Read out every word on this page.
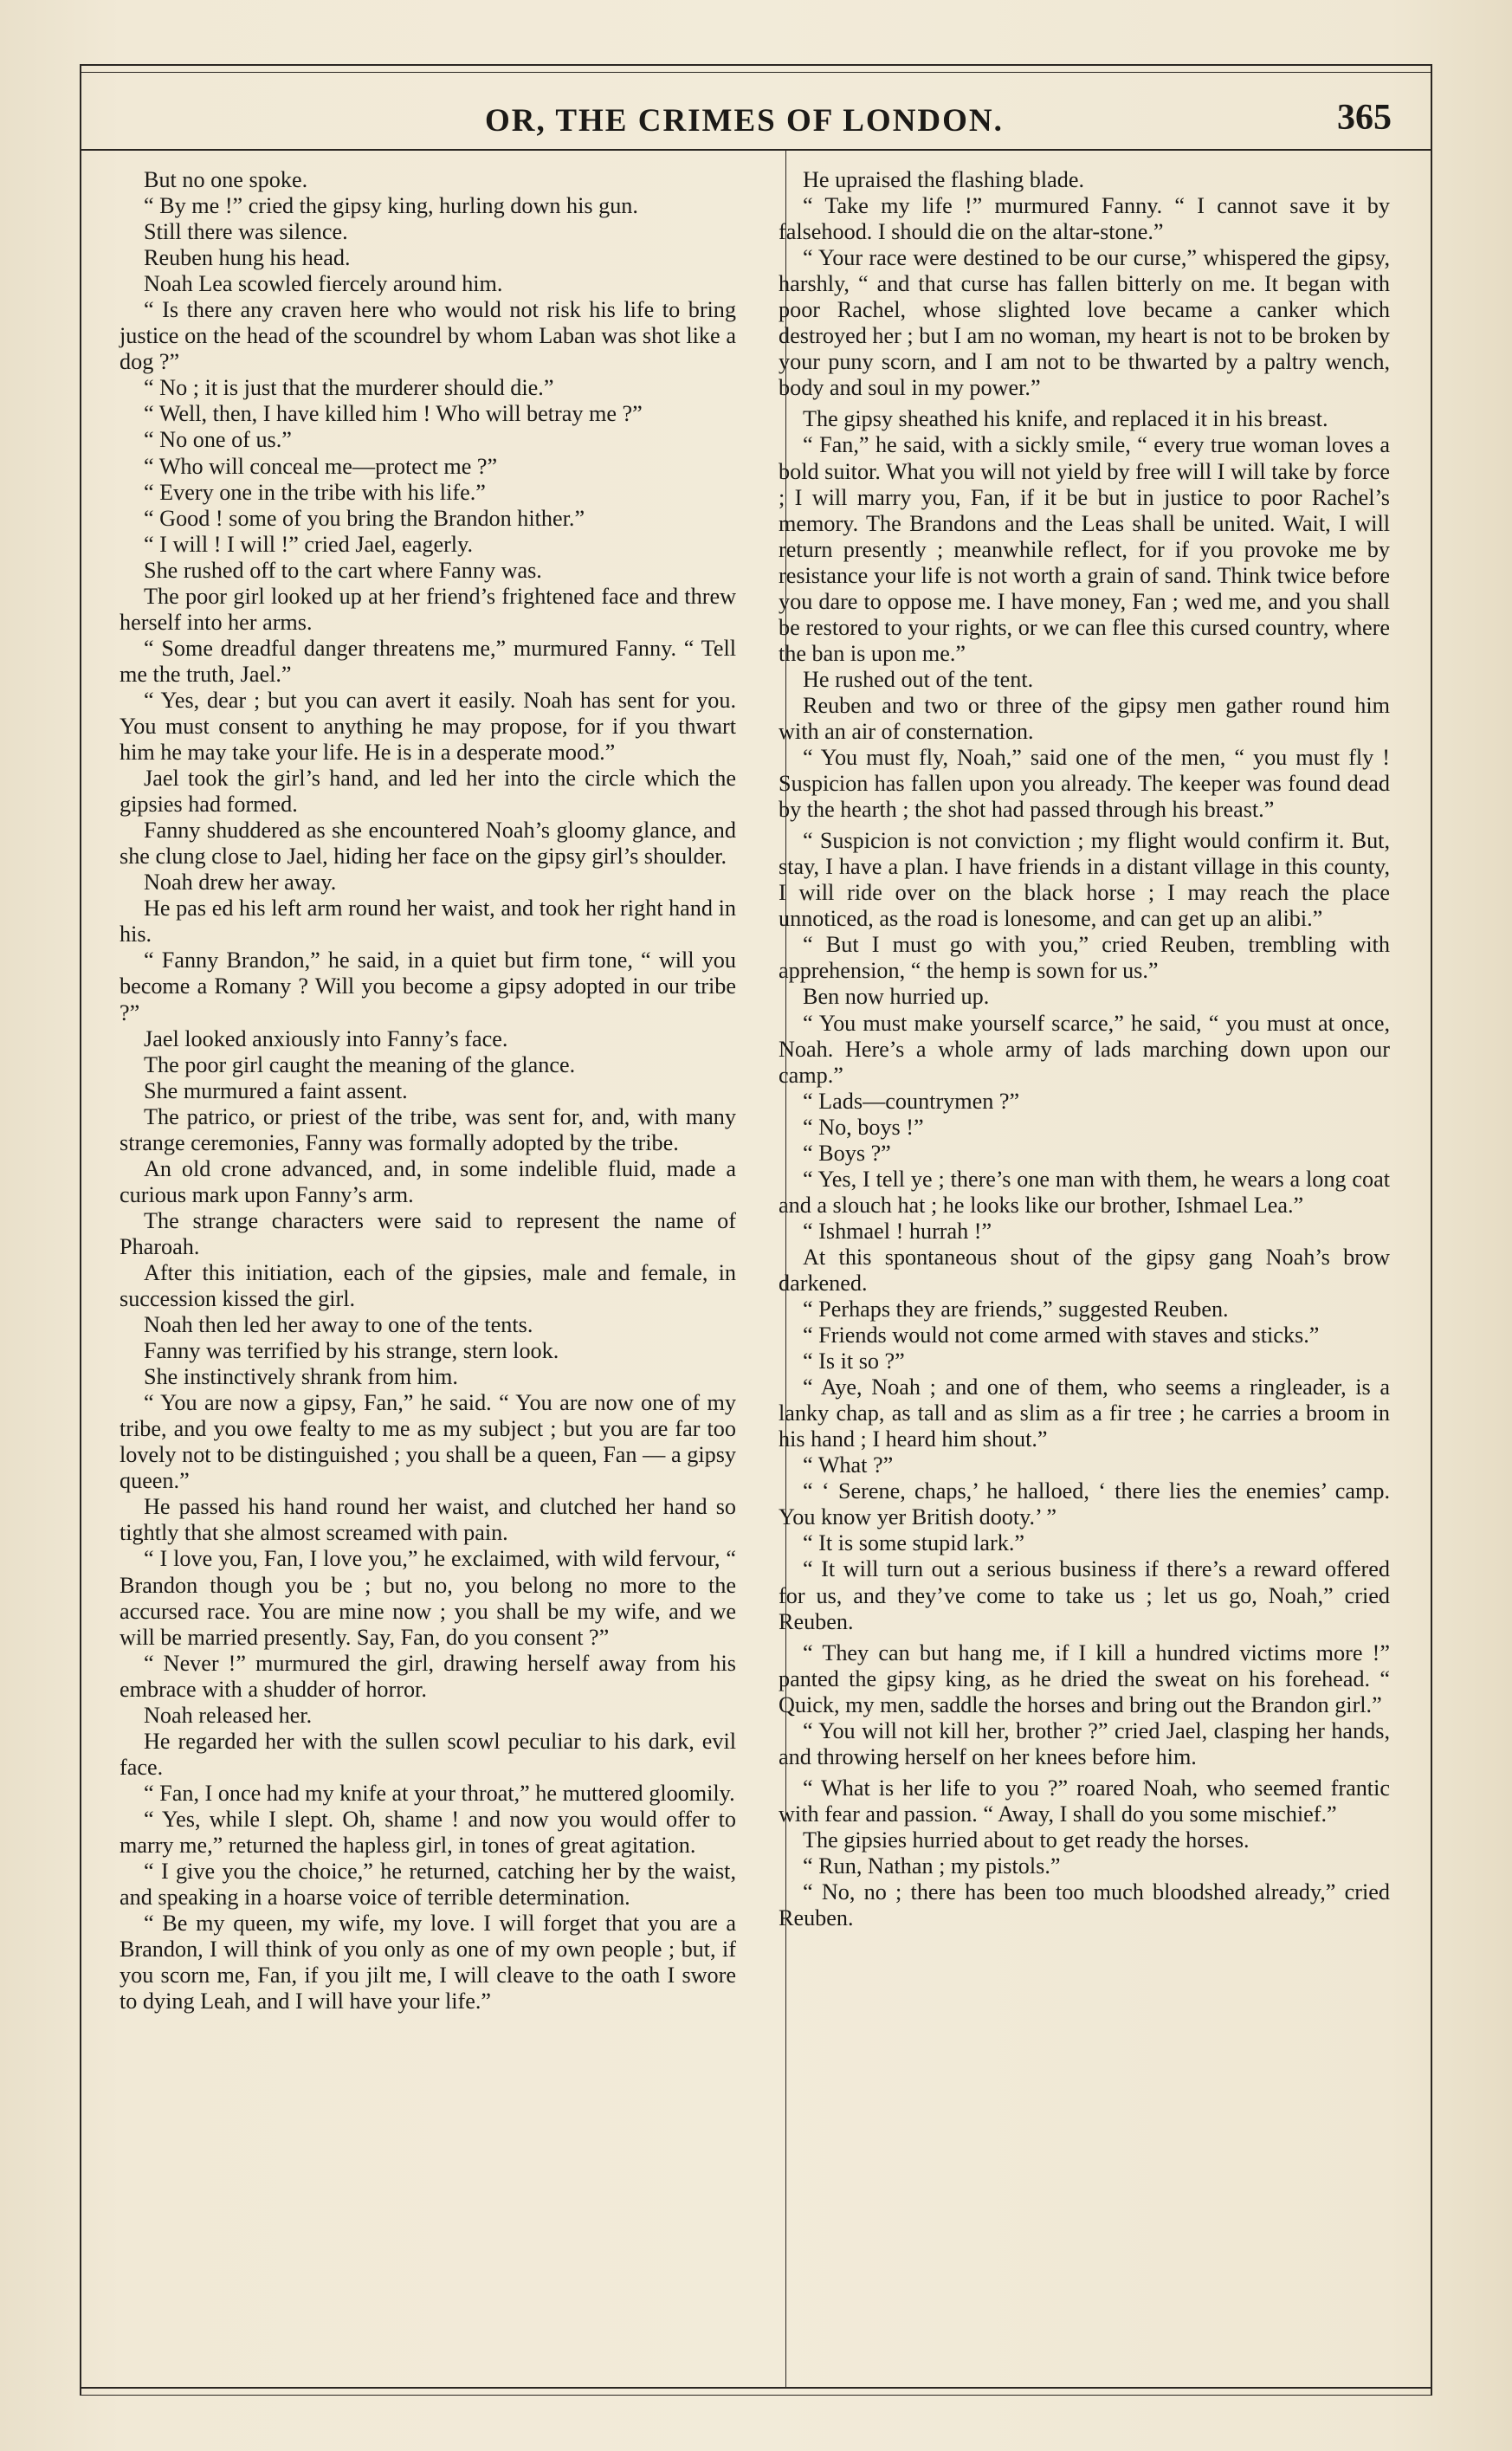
OR, THE CRIMES OF LONDON.	365

But no one spoke.

“ By me !” cried the gipsy king, hurling down his gun.

Still there was silence.

Reuben hung his head.

Noah Lea scowled fiercely around him.

“ Is there any craven here who would not risk his life to bring justice on the head of the scoundrel by whom Laban was shot like a dog ?”

“ No ; it is just that the murderer should die.”

“ Well, then, I have killed him ! Who will betray me ?”

“ No one of us.”

“ Who will conceal me—protect me ?”

“ Every one in the tribe with his life.”

“ Good ! some of you bring the Brandon hither.”

“ I will ! I will !” cried Jael, eagerly.

She rushed off to the cart where Fanny was.

The poor girl looked up at her friend’s frightened face and threw herself into her arms.

“ Some dreadful danger threatens me,” murmured Fanny. “ Tell me the truth, Jael.”

“ Yes, dear ; but you can avert it easily. Noah has sent for you. You must consent to anything he may propose, for if you thwart him he may take your life. He is in a desperate mood.”

Jael took the girl’s hand, and led her into the circle which the gipsies had formed.

Fanny shuddered as she encountered Noah’s gloomy glance, and she clung close to Jael, hiding her face on the gipsy girl’s shoulder.

Noah drew her away.

He pas ed his left arm round her waist, and took her right hand in his.

“ Fanny Brandon,” he said, in a quiet but firm tone, “ will you become a Romany ? Will you become a gipsy adopted in our tribe ?”

Jael looked anxiously into Fanny’s face.

The poor girl caught the meaning of the glance.

She murmured a faint assent.

The patrico, or priest of the tribe, was sent for, and, with many strange ceremonies, Fanny was formally adopted by the tribe.

An old crone advanced, and, in some indelible fluid, made a curious mark upon Fanny’s arm.

The strange characters were said to represent the name of Pharoah.

After this initiation, each of the gipsies, male and female, in succession kissed the girl.

Noah then led her away to one of the tents.

Fanny was terrified by his strange, stern look.

She instinctively shrank from him.

“ You are now a gipsy, Fan,” he said. “ You are now one of my tribe, and you owe fealty to me as my subject ; but you are far too lovely not to be distinguished ; you shall be a queen, Fan — a gipsy queen.”

He passed his hand round her waist, and clutched her hand so tightly that she almost screamed with pain.

“ I love you, Fan, I love you,” he exclaimed, with wild fervour, “ Brandon though you be ; but no, you belong no more to the accursed race. You are mine now ; you shall be my wife, and we will be married presently. Say, Fan, do you consent ?”

“ Never !” murmured the girl, drawing herself away from his embrace with a shudder of horror.

Noah released her.

He regarded her with the sullen scowl peculiar to his dark, evil face.

“ Fan, I once had my knife at your throat,” he muttered gloomily.

“ Yes, while I slept. Oh, shame ! and now you would offer to marry me,” returned the hapless girl, in tones of great agitation.

“ I give you the choice,” he returned, catching her by the waist, and speaking in a hoarse voice of terrible determination.

“ Be my queen, my wife, my love. I will forget that you are a Brandon, I will think of you only as one of my own people ; but, if you scorn me, Fan, if you jilt me, I will cleave to the oath I swore to dying Leah, and I will have your life.”

He upraised the flashing blade.

“ Take my life !” murmured Fanny. “ I cannot save it by falsehood. I should die on the altar-stone.”

“ Your race were destined to be our curse,” whispered the gipsy, harshly, “ and that curse has fallen bitterly on me. It began with poor Rachel, whose slighted love became a canker which destroyed her ; but I am no woman, my heart is not to be broken by your puny scorn, and I am not to be thwarted by a paltry wench, body and soul in my power.”

The gipsy sheathed his knife, and replaced it in his breast.

“ Fan,” he said, with a sickly smile, “ every true woman loves a bold suitor. What you will not yield by free will I will take by force ; I will marry you, Fan, if it be but in justice to poor Rachel’s memory. The Brandons and the Leas shall be united. Wait, I will return presently ; meanwhile reflect, for if you provoke me by resistance your life is not worth a grain of sand. Think twice before you dare to oppose me. I have money, Fan ; wed me, and you shall be restored to your rights, or we can flee this cursed country, where the ban is upon me.”

He rushed out of the tent.

Reuben and two or three of the gipsy men gather round him with an air of consternation.

“ You must fly, Noah,” said one of the men, “ you must fly ! Suspicion has fallen upon you already. The keeper was found dead by the hearth ; the shot had passed through his breast.”

“ Suspicion is not conviction ; my flight would confirm it. But, stay, I have a plan. I have friends in a distant village in this county, I will ride over on the black horse ; I may reach the place unnoticed, as the road is lonesome, and can get up an alibi.”

“ But I must go with you,” cried Reuben, trembling with apprehension, “ the hemp is sown for us.”

Ben now hurried up.

“ You must make yourself scarce,” he said, “ you must at once, Noah. Here’s a whole army of lads marching down upon our camp.”

“ Lads—countrymen ?”

“ No, boys !”

“ Boys ?”

“ Yes, I tell ye ; there’s one man with them, he wears a long coat and a slouch hat ; he looks like our brother, Ishmael Lea.”

“ Ishmael ! hurrah !”

At this spontaneous shout of the gipsy gang Noah’s brow darkened.

“ Perhaps they are friends,” suggested Reuben.

“ Friends would not come armed with staves and sticks.”

“ Is it so ?”

“ Aye, Noah ; and one of them, who seems a ringleader, is a lanky chap, as tall and as slim as a fir tree ; he carries a broom in his hand ; I heard him shout.”

“ What ?”

“ ‘ Serene, chaps,’ he halloed, ‘ there lies the enemies’ camp. You know yer British dooty.’ ”

“ It is some stupid lark.”

“ It will turn out a serious business if there’s a reward offered for us, and they’ve come to take us ; let us go, Noah,” cried Reuben.

“ They can but hang me, if I kill a hundred victims more !” panted the gipsy king, as he dried the sweat on his forehead. “ Quick, my men, saddle the horses and bring out the Brandon girl.”

“ You will not kill her, brother ?” cried Jael, clasping her hands, and throwing herself on her knees before him.

“ What is her life to you ?” roared Noah, who seemed frantic with fear and passion. “ Away, I shall do you some mischief.”

The gipsies hurried about to get ready the horses.

“ Run, Nathan ; my pistols.”

“ No, no ; there has been too much bloodshed already,” cried Reuben.
